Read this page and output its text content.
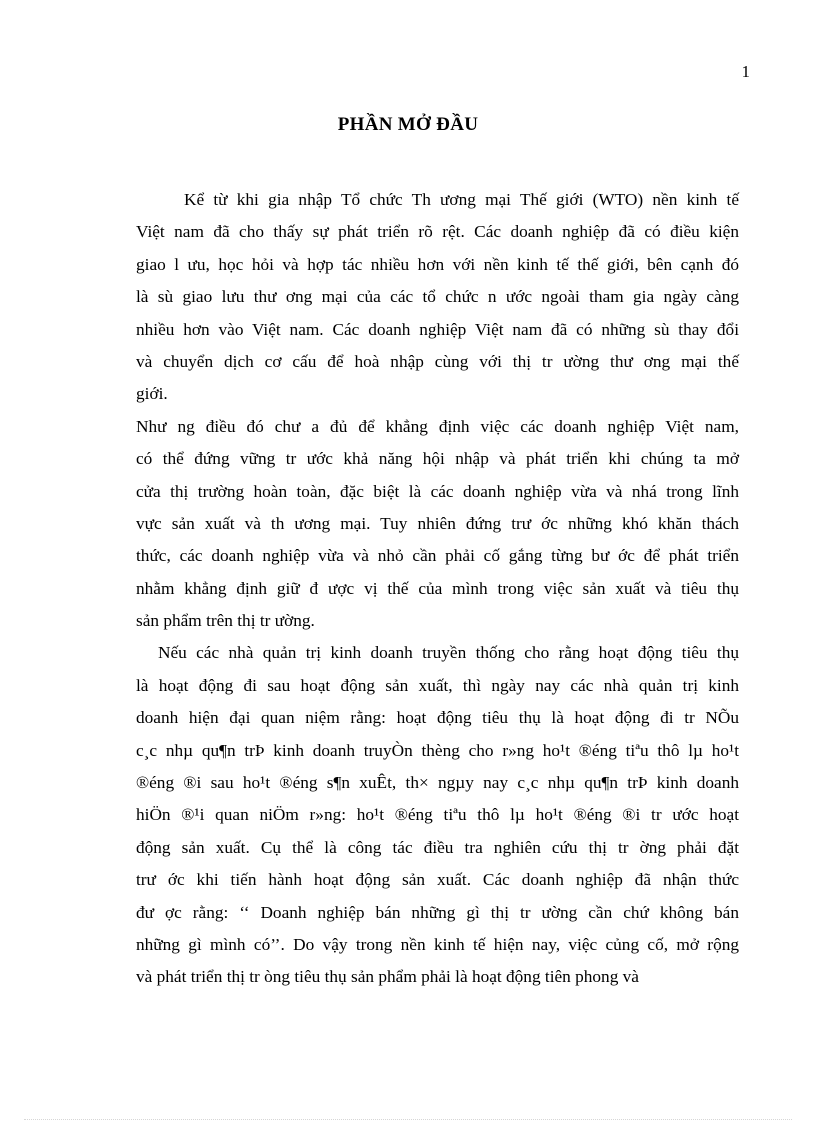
1
PHẦN MỞ ĐẦU
Kể từ khi gia nhập Tổ chức Th ương mại Thế giới (WTO) nền kinh tế
Việt nam đã cho thấy sự phát triển rõ rệt. Các doanh nghiệp đã có điều kiện
giao l ưu, học hỏi và hợp tác nhiều hơn với nền kinh tế thế giới, bên cạnh đó
là sù giao lưu thư ơng mại của các tổ chức n ước ngoài tham gia ngày càng
nhiều hơn vào Việt nam. Các doanh nghiệp Việt nam đã có những sù thay đổi
và chuyển dịch cơ cấu để hoà nhập cùng với thị tr ường thư ơng mại thế
giới.
Như ng điều đó chư a đủ để khẳng định việc các doanh nghiệp Việt nam,
có thể đứng vững tr ước khả năng hội nhập và phát triển khi chúng ta mở
cửa thị trường hoàn toàn, đặc biệt là các doanh nghiệp vừa và nhá trong lĩnh
vực sản xuất và th ương mại. Tuy nhiên đứng trư ớc những khó khăn thách
thức, các doanh nghiệp vừa và nhỏ cần phải cố gắng từng bư ớc để phát triển
nhằm khẳng định giữ đ ược vị thế của mình trong việc sản xuất và tiêu thụ
sản phẩm trên thị tr ường.
Nếu các nhà quản trị kinh doanh truyền thống cho rằng hoạt động tiêu thụ
là hoạt động đi sau hoạt động sản xuất, thì ngày nay các nhà quản trị kinh
doanh hiện đại quan niệm rằng: hoạt động tiêu thụ là hoạt động đi tr NÕu
c¸c nhµ qu¶n trÞ kinh doanh truyÒn thèng cho r»ng ho¹t ®éng tiªu thô lµ ho¹t
®éng ®i sau ho¹t ®éng s¶n xuÊt, th× ngµy nay c¸c nhµ qu¶n trÞ kinh doanh
hiÖn ®¹i quan niÖm r»ng: ho¹t ®éng tiªu thô lµ ho¹t ®éng ®i tr ước hoạt
động sản xuất. Cụ thể là công tác điều tra nghiên cứu thị tr ờng phải đặt
trư ớc khi tiến hành hoạt động sản xuất. Các doanh nghiệp đã nhận thức
đư ợc rằng: ‘‘ Doanh nghiệp bán những gì thị tr ường cần chứ không bán
những gì mình có’’. Do vậy trong nền kinh tế hiện nay, việc củng cố, mở rộng
và phát triển thị tr òng tiêu thụ sản phẩm phải là hoạt động tiên phong và
